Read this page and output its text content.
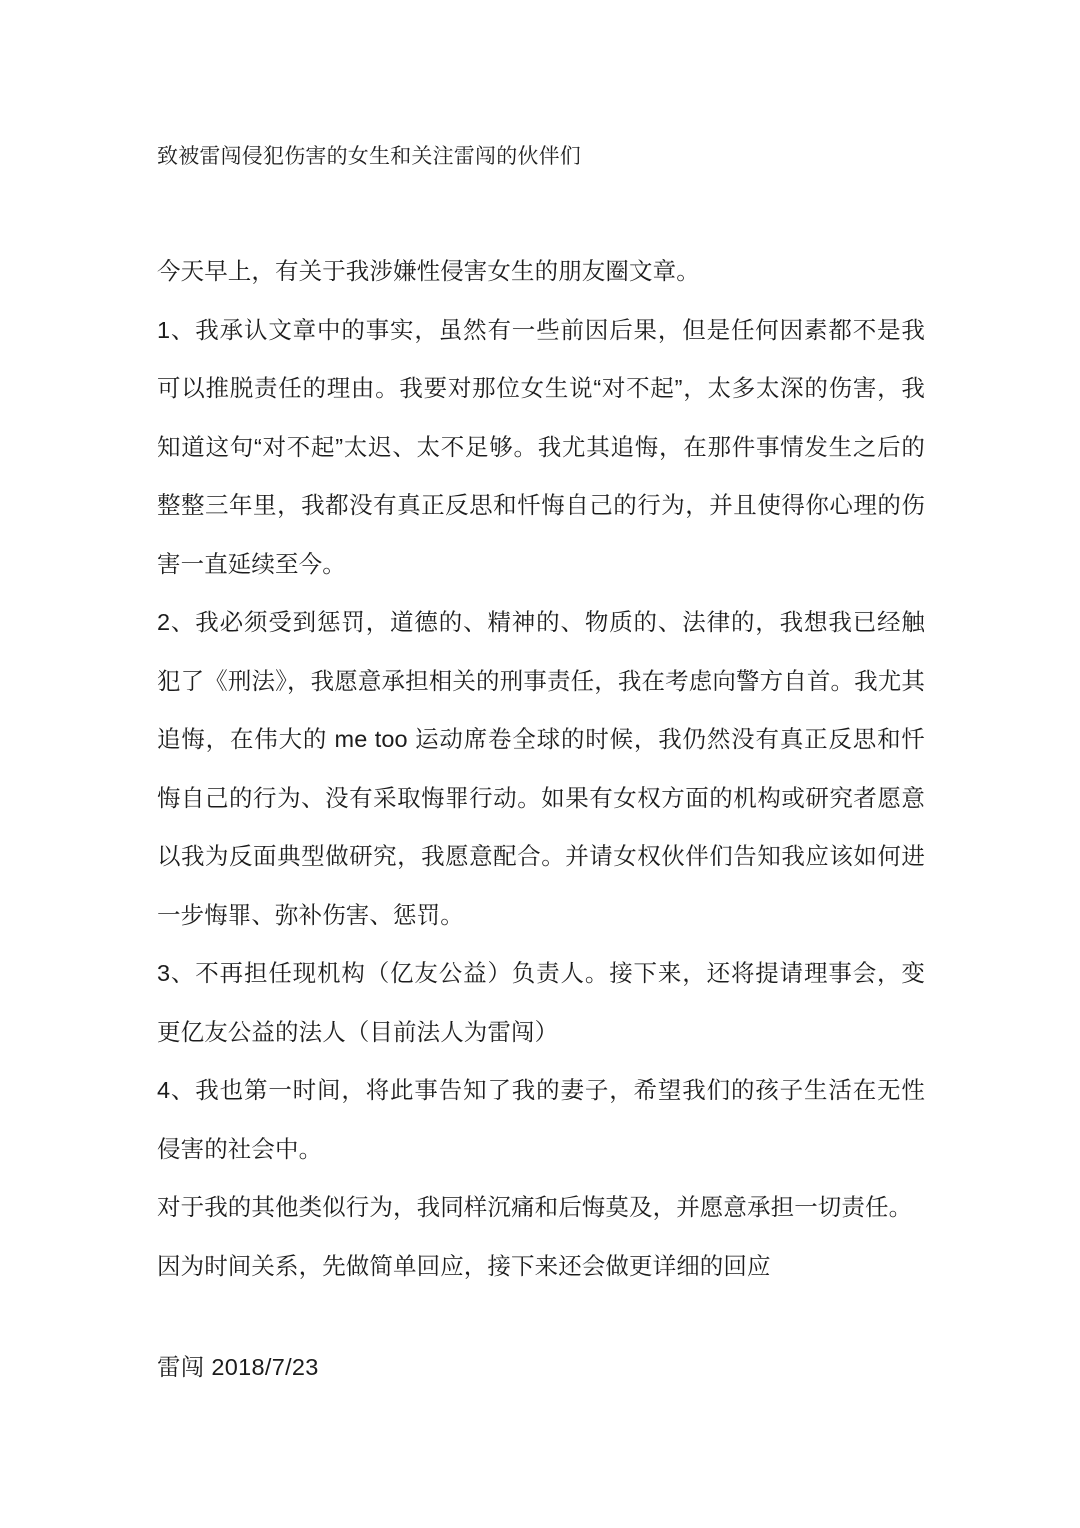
致被雷闯侵犯伤害的女生和关注雷闯的伙伴们

今天早上，有关于我涉嫌性侵害女生的朋友圈文章。

1、我承认文章中的事实，虽然有一些前因后果，但是任何因素都不是我可以推脱责任的理由。我要对那位女生说“对不起”，太多太深的伤害，我知道这句“对不起”太迟、太不足够。我尤其追悔，在那件事情发生之后的整整三年里，我都没有真正反思和忏悔自己的行为，并且使得你心理的伤害一直延续至今。

2、我必须受到惩罚，道德的、精神的、物质的、法律的，我想我已经触犯了《刑法》，我愿意承担相关的刑事责任，我在考虑向警方自首。我尤其追悔，在伟大的 me too 运动席卷全球的时候，我仍然没有真正反思和忏悔自己的行为、没有采取悔罪行动。如果有女权方面的机构或研究者愿意以我为反面典型做研究，我愿意配合。并请女权伙伴们告知我应该如何进一步悔罪、弥补伤害、惩罚。

3、不再担任现机构（亿友公益）负责人。接下来，还将提请理事会，变更亿友公益的法人（目前法人为雷闯）

4、我也第一时间，将此事告知了我的妻子，希望我们的孩子生活在无性侵害的社会中。

对于我的其他类似行为，我同样沉痛和后悔莫及，并愿意承担一切责任。

因为时间关系，先做简单回应，接下来还会做更详细的回应

雷闯 2018/7/23
